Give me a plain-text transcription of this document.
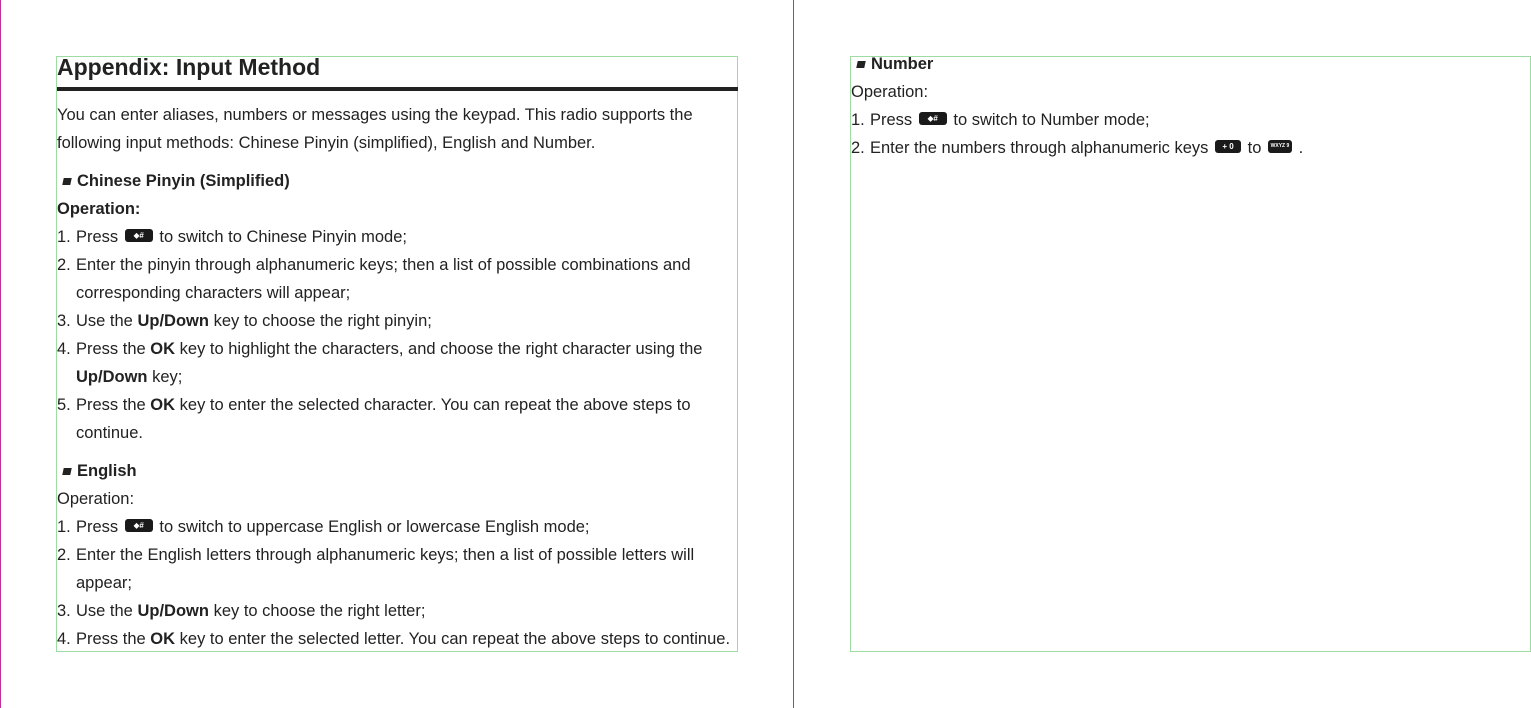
Appendix: Input Method

You can enter aliases, numbers or messages using the keypad. This radio supports the

following input methods: Chinese Pinyin (simplified), English and Number.

Chinese Pinyin (Simplified)
Operation:
1. Press ⬥# to switch to Chinese Pinyin mode;
2. Enter the pinyin through alphanumeric keys; then a list of possible combinations and
corresponding characters will appear;
3. Use the Up/Down key to choose the right pinyin;
4. Press the OK key to highlight the characters, and choose the right character using the
Up/Down key;
5. Press the OK key to enter the selected character. You can repeat the above steps to
continue.
English
Operation:
1. Press ⬥# to switch to uppercase English or lowercase English mode;
2. Enter the English letters through alphanumeric keys; then a list of possible letters will
appear;
3. Use the Up/Down key to choose the right letter;
4. Press the OK key to enter the selected letter. You can repeat the above steps to continue.
Number
Operation:
1. Press ⬥# to switch to Number mode;
2. Enter the numbers through alphanumeric keys + 0 to WXYZ 9 .
